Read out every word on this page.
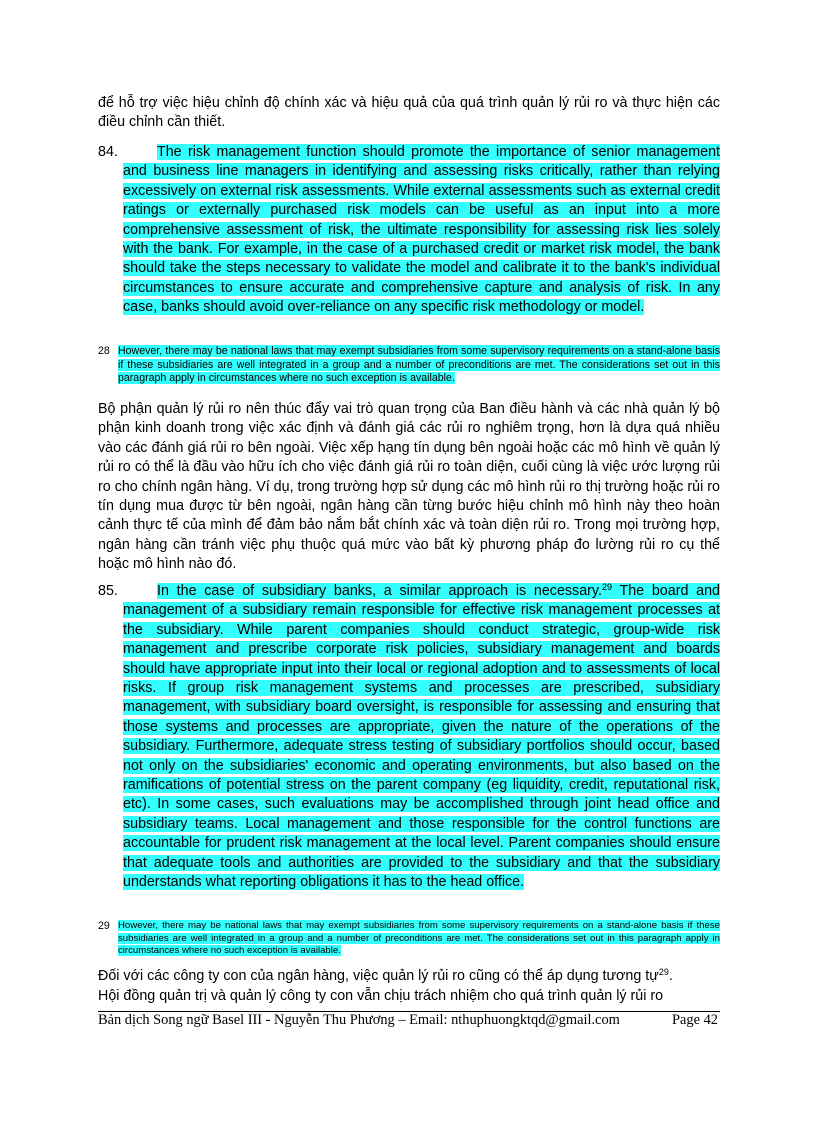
để hỗ trợ việc hiệu chỉnh độ chính xác và hiệu quả của quá trình quản lý rủi ro và thực hiện các điều chỉnh cần thiết.

84.	The risk management function should promote the importance of senior management and business line managers in identifying and assessing risks critically, rather than relying excessively on external risk assessments. While external assessments such as external credit ratings or externally purchased risk models can be useful as an input into a more comprehensive assessment of risk, the ultimate responsibility for assessing risk lies solely with the bank. For example, in the case of a purchased credit or market risk model, the bank should take the steps necessary to validate the model and calibrate it to the bank's individual circumstances to ensure accurate and comprehensive capture and analysis of risk. In any case, banks should avoid over-reliance on any specific risk methodology or model.

28 However, there may be national laws that may exempt subsidiaries from some supervisory requirements on a stand-alone basis if these subsidiaries are well integrated in a group and a number of preconditions are met. The considerations set out in this paragraph apply in circumstances where no such exception is available.

Bộ phận quản lý rủi ro nên thúc đẩy vai trò quan trọng của Ban điều hành và các nhà quản lý bộ phận kinh doanh trong việc xác định và đánh giá các rủi ro nghiêm trọng, hơn là dựa quá nhiều vào các đánh giá rủi ro bên ngoài. Việc xếp hạng tín dụng bên ngoài hoặc các mô hình về quản lý rủi ro có thể là đầu vào hữu ích cho việc đánh giá rủi ro toàn diện, cuối cùng là việc ước lượng rủi ro cho chính ngân hàng. Ví dụ, trong trường hợp sử dụng các mô hình rủi ro thị trường hoặc rủi ro tín dụng mua được từ bên ngoài, ngân hàng cần từng bước hiệu chỉnh mô hình này theo hoàn cảnh thực tế của mình để đảm bảo nắm bắt chính xác và toàn diện rủi ro. Trong mọi trường hợp, ngân hàng cần tránh việc phụ thuộc quá mức vào bất kỳ phương pháp đo lường rủi ro cụ thể hoặc mô hình nào đó.

85.	In the case of subsidiary banks, a similar approach is necessary.$^{29}$ The board and management of a subsidiary remain responsible for effective risk management processes at the subsidiary. While parent companies should conduct strategic, group-wide risk management and prescribe corporate risk policies, subsidiary management and boards should have appropriate input into their local or regional adoption and to assessments of local risks. If group risk management systems and processes are prescribed, subsidiary management, with subsidiary board oversight, is responsible for assessing and ensuring that those systems and processes are appropriate, given the nature of the operations of the subsidiary. Furthermore, adequate stress testing of subsidiary portfolios should occur, based not only on the subsidiaries' economic and operating environments, but also based on the ramifications of potential stress on the parent company (eg liquidity, credit, reputational risk, etc). In some cases, such evaluations may be accomplished through joint head office and subsidiary teams. Local management and those responsible for the control functions are accountable for prudent risk management at the local level. Parent companies should ensure that adequate tools and authorities are provided to the subsidiary and that the subsidiary understands what reporting obligations it has to the head office.

29 However, there may be national laws that may exempt subsidiaries from some supervisory requirements on a stand-alone basis if these subsidiaries are well integrated in a group and a number of preconditions are met. The considerations set out in this paragraph apply in circumstances where no such exception is available.

Đối với các công ty con của ngân hàng, việc quản lý rủi ro cũng có thể áp dụng tương tự$^{29}$.

Hội đồng quản trị và quản lý công ty con vẫn chịu trách nhiệm cho quá trình quản lý rủi ro

Bản dịch Song ngữ Basel III - Nguyễn Thu Phương – Email: nthuphuongktqd@gmail.com	Page 42
